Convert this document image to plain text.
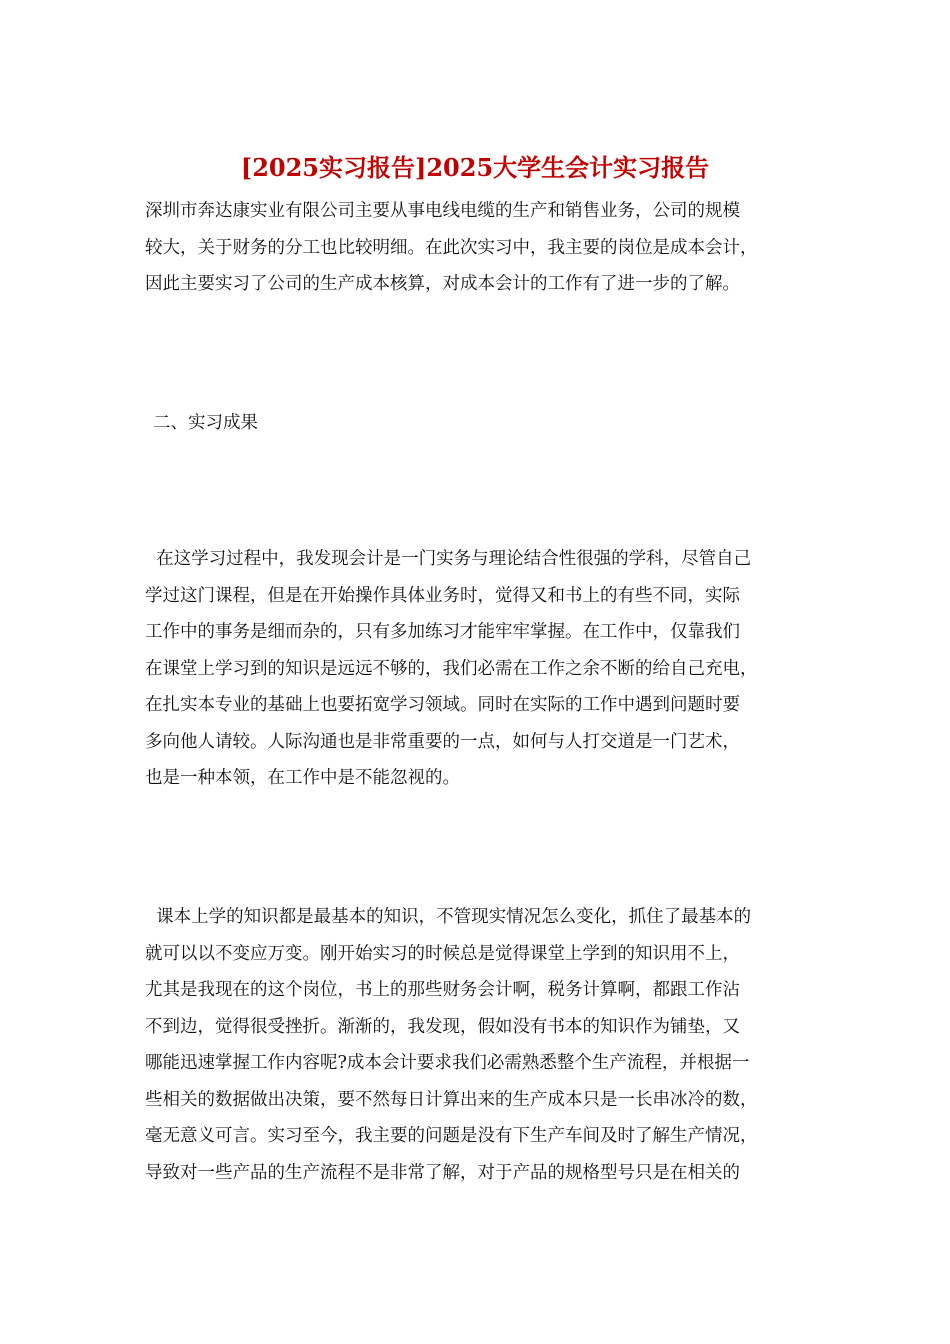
[2025实习报告]2025大学生会计实习报告
深圳市奔达康实业有限公司主要从事电线电缆的生产和销售业务，公司的规模
较大，关于财务的分工也比较明细。在此次实习中，我主要的岗位是成本会计，
因此主要实习了公司的生产成本核算，对成本会计的工作有了进一步的了解。
二、实习成果
在这学习过程中，我发现会计是一门实务与理论结合性很强的学科，尽管自己
学过这门课程，但是在开始操作具体业务时，觉得又和书上的有些不同，实际
工作中的事务是细而杂的，只有多加练习才能牢牢掌握。在工作中，仅靠我们
在课堂上学习到的知识是远远不够的，我们必需在工作之余不断的给自己充电，
在扎实本专业的基础上也要拓宽学习领域。同时在实际的工作中遇到问题时要
多向他人请较。人际沟通也是非常重要的一点，如何与人打交道是一门艺术，
也是一种本领，在工作中是不能忽视的。
课本上学的知识都是最基本的知识，不管现实情况怎么变化，抓住了最基本的
就可以以不变应万变。刚开始实习的时候总是觉得课堂上学到的知识用不上，
尤其是我现在的这个岗位，书上的那些财务会计啊，税务计算啊，都跟工作沾
不到边，觉得很受挫折。渐渐的，我发现，假如没有书本的知识作为铺垫，又
哪能迅速掌握工作内容呢?成本会计要求我们必需熟悉整个生产流程，并根据一
些相关的数据做出决策，要不然每日计算出来的生产成本只是一长串冰冷的数，
毫无意义可言。实习至今，我主要的问题是没有下生产车间及时了解生产情况，
导致对一些产品的生产流程不是非常了解，对于产品的规格型号只是在相关的
